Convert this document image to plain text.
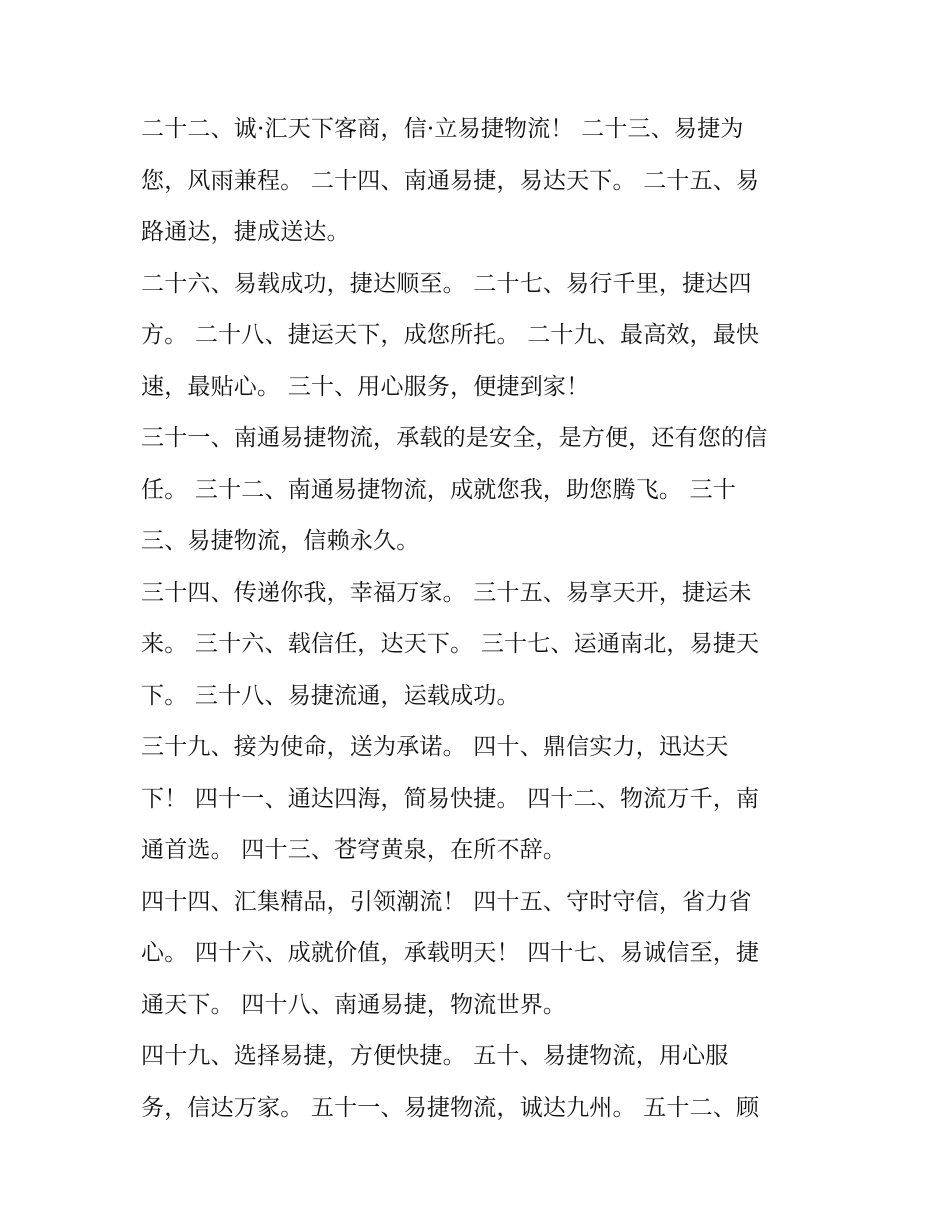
二十二、诚·汇天下客商，信·立易捷物流！ 二十三、易捷为
您，风雨兼程。 二十四、南通易捷，易达天下。 二十五、易
路通达，捷成送达。
二十六、易载成功，捷达顺至。 二十七、易行千里，捷达四
方。 二十八、捷运天下，成您所托。 二十九、最高效，最快
速，最贴心。 三十、用心服务，便捷到家！
三十一、南通易捷物流，承载的是安全，是方便，还有您的信
任。 三十二、南通易捷物流，成就您我，助您腾飞。 三十
三、易捷物流，信赖永久。
三十四、传递你我，幸福万家。 三十五、易享天开，捷运未
来。 三十六、载信任，达天下。 三十七、运通南北，易捷天
下。 三十八、易捷流通，运载成功。
三十九、接为使命，送为承诺。 四十、鼎信实力，迅达天
下！ 四十一、通达四海，简易快捷。 四十二、物流万千，南
通首选。 四十三、苍穹黄泉，在所不辞。
四十四、汇集精品，引领潮流！ 四十五、守时守信，省力省
心。 四十六、成就价值，承载明天！ 四十七、易诚信至，捷
通天下。 四十八、南通易捷，物流世界。
四十九、选择易捷，方便快捷。 五十、易捷物流，用心服
务，信达万家。 五十一、易捷物流，诚达九州。 五十二、顾
